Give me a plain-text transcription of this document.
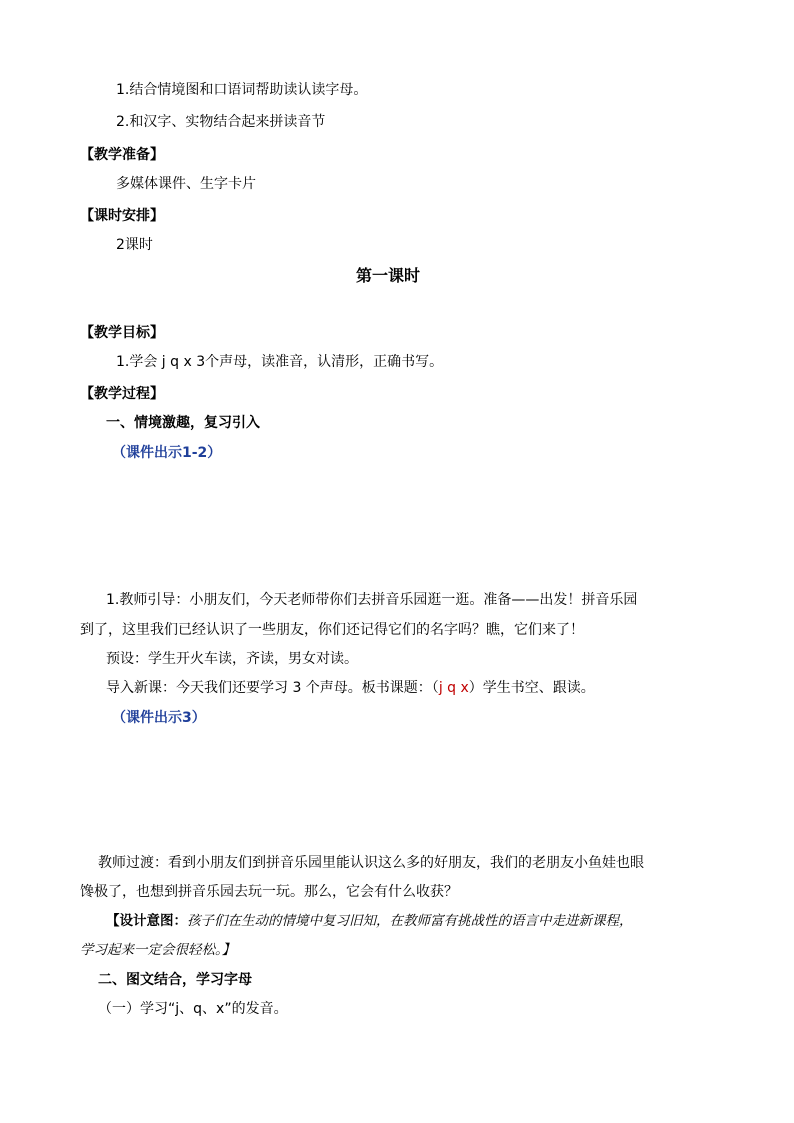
1.结合情境图和口语词帮助读认读字母。
2.和汉字、实物结合起来拼读音节
【教学准备】
多媒体课件、生字卡片
【课时安排】
2课时
第一课时
【教学目标】
1.学会 j q x 3个声母，读准音，认清形，正确书写。
【教学过程】
一、情境激趣，复习引入
（课件出示1-2）
1.教师引导：小朋友们，今天老师带你们去拼音乐园逛一逛。准备——出发！拼音乐园
到了，这里我们已经认识了一些朋友，你们还记得它们的名字吗？瞧，它们来了！
预设：学生开火车读，齐读，男女对读。
导入新课：今天我们还要学习 3 个声母。板书课题：（j q x）学生书空、跟读。
（课件出示3）
教师过渡：看到小朋友们到拼音乐园里能认识这么多的好朋友，我们的老朋友小鱼娃也眼
馋极了，也想到拼音乐园去玩一玩。那么，它会有什么收获？
【设计意图：孩子们在生动的情境中复习旧知，在教师富有挑战性的语言中走进新课程，
学习起来一定会很轻松。】
二、图文结合，学习字母
（一）学习“j、q、x”的发音。
